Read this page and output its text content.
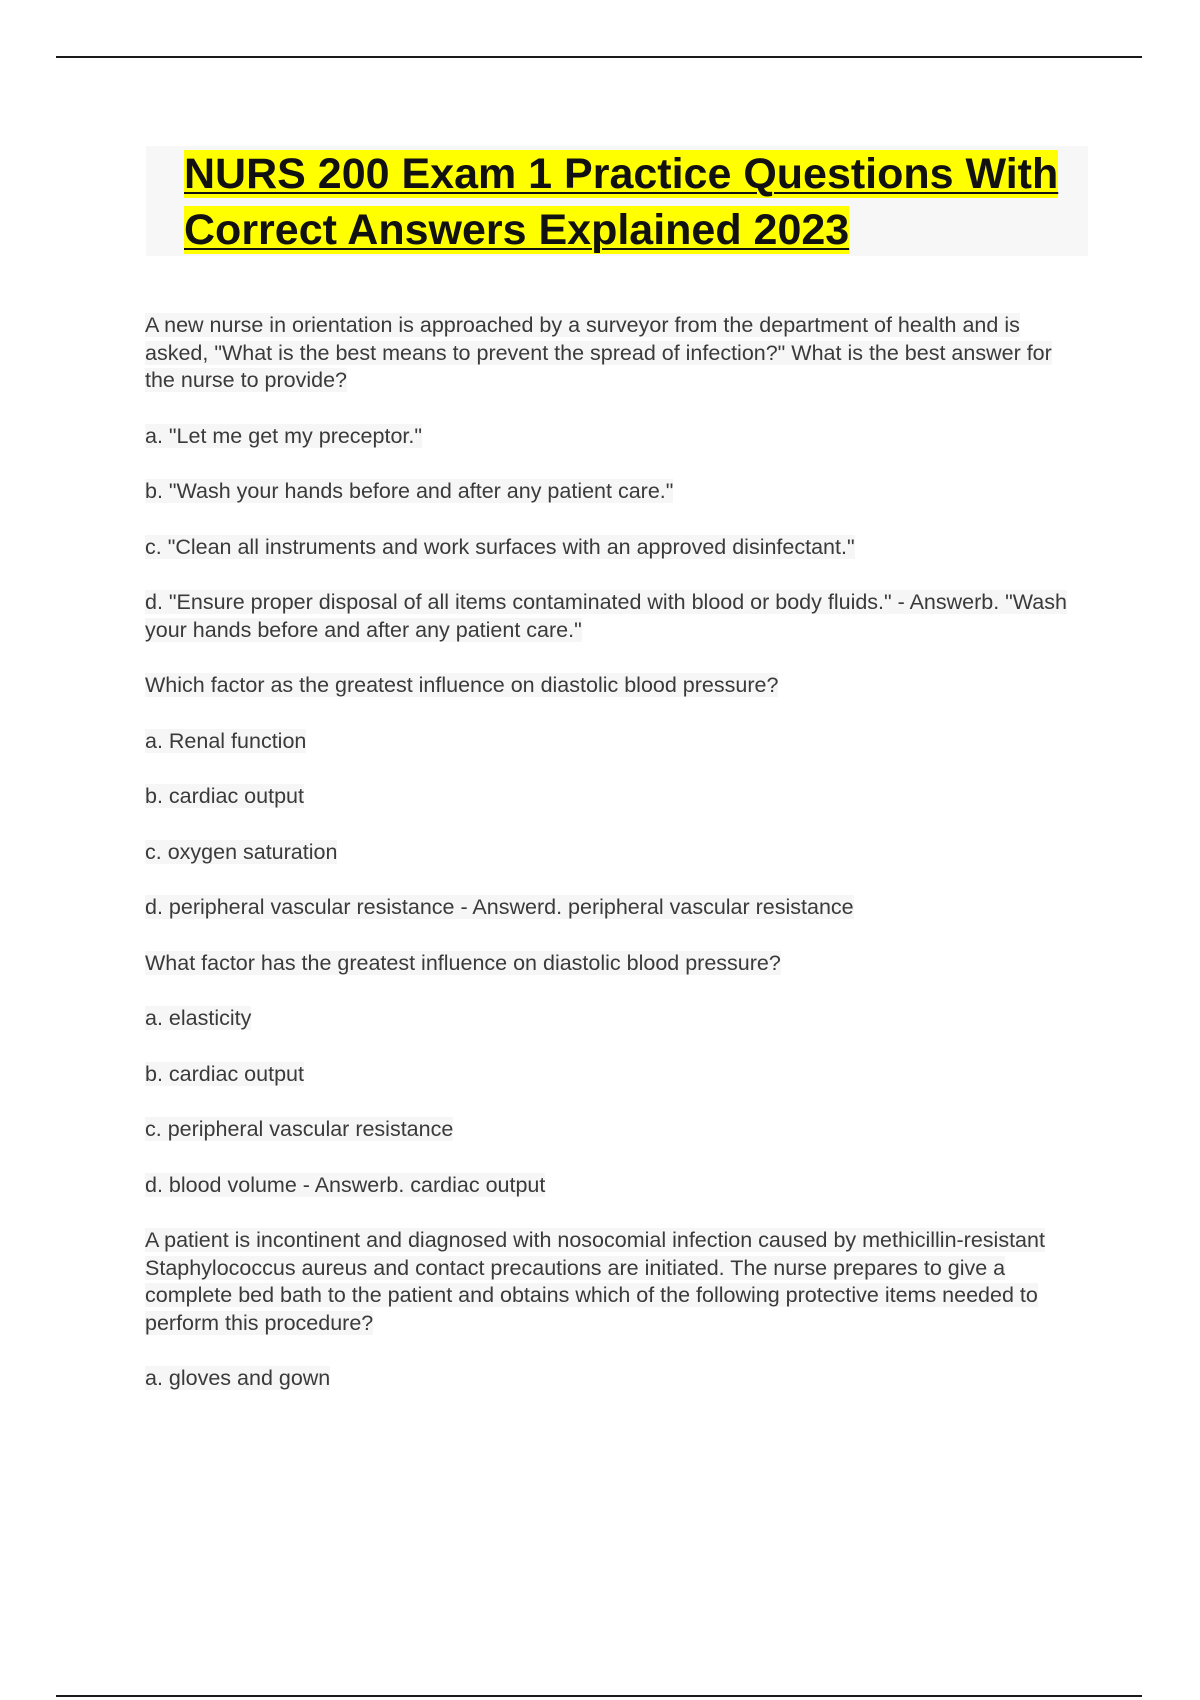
NURS 200 Exam 1 Practice Questions With Correct Answers Explained 2023

A new nurse in orientation is approached by a surveyor from the department of health and is asked, "What is the best means to prevent the spread of infection?" What is the best answer for the nurse to provide?

a. "Let me get my preceptor."

b. "Wash your hands before and after any patient care."

c. "Clean all instruments and work surfaces with an approved disinfectant."

d. "Ensure proper disposal of all items contaminated with blood or body fluids." - Answerb. "Wash your hands before and after any patient care."

Which factor as the greatest influence on diastolic blood pressure?

a. Renal function

b. cardiac output

c. oxygen saturation

d. peripheral vascular resistance - Answerd. peripheral vascular resistance

What factor has the greatest influence on diastolic blood pressure?

a. elasticity

b. cardiac output

c. peripheral vascular resistance

d. blood volume - Answerb. cardiac output

A patient is incontinent and diagnosed with nosocomial infection caused by methicillin-resistant Staphylococcus aureus and contact precautions are initiated. The nurse prepares to give a complete bed bath to the patient and obtains which of the following protective items needed to perform this procedure?

a. gloves and gown
